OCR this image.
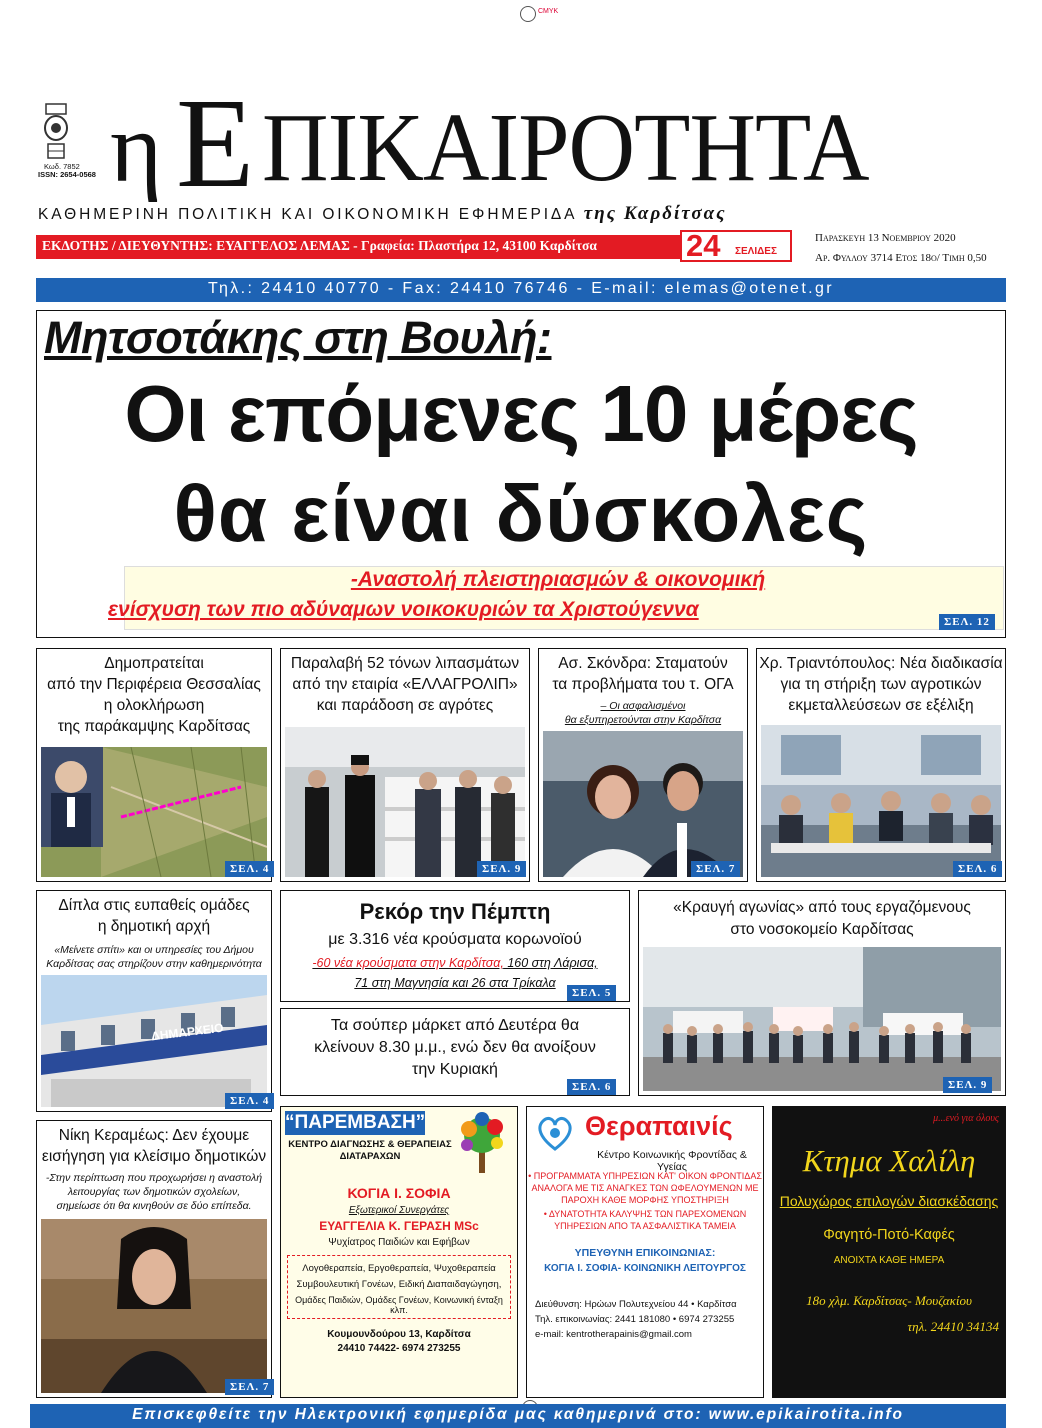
CMYK
Κωδ. 7852
ISSN: 2654-0568 η Ε ΠΙΚΑΙΡΟΤΗΤΑ
ΚΑΘΗΜΕΡΙΝΗ ΠΟΛΙΤΙΚΗ ΚΑΙ ΟΙΚΟΝΟΜΙΚΗ ΕΦΗΜΕΡΙΔΑ της Καρδίτσας
ΕΚΔΟΤΗΣ / ΔΙΕΥΘΥΝΤΗΣ: ΕΥΑΓΓΕΛΟΣ ΛΕΜΑΣ - Γραφεία: Πλαστήρα 12, 43100 Καρδίτσα	24 ΣΕΛΙΔΕΣ
Παρασκευη 13 Νοεμβριου 2020
Αρ. Φυλλου 3714 Ετος 18ο/ Τιμη 0,50
Τηλ.: 24410 40770 - Fax: 24410 76746 - E-mail: elemas@otenet.gr
Μητσοτάκης στη Βουλή:
Οι επόμενες 10 μέρες
θα είναι δύσκολες
-Αναστολή πλειστηριασμών & οικονομική
ενίσχυση των πιο αδύναμων νοικοκυριών τα Χριστούγεννα
ΣΕΛ. 12
Δημοπρατείται
από την Περιφέρεια Θεσσαλίας
η ολοκλήρωση
της παράκαμψης Καρδίτσας
ΣΕΛ. 4
Παραλαβή 52 τόνων λιπασμάτων
από την εταιρία «ΕΛΛΑΓΡΟΛΙΠ»
και παράδοση σε αγρότες
ΣΕΛ. 9
Ασ. Σκόνδρα: Σταματούν
τα προβλήματα του τ. ΟΓΑ
– Οι ασφαλισμένοι
θα εξυπηρετούνται στην Καρδίτσα
ΣΕΛ. 7
Χρ. Τριαντόπουλος: Νέα διαδικασία
για τη στήριξη των αγροτικών
εκμεταλλεύσεων σε εξέλιξη
ΣΕΛ. 6
Δίπλα στις ευπαθείς ομάδες
η δημοτική αρχή
«Μείνετε σπίτι» και οι υπηρεσίες του Δήμου
Καρδίτσας σας στηρίζουν στην καθημερινότητα
ΔΗΜΑΡΧΕΙΟ
ΣΕΛ. 4
Ρεκόρ την Πέμπτη
με 3.316 νέα κρούσματα κορωνοϊού
-60 νέα κρούσματα στην Καρδίτσα, 160 στη Λάρισα,
71 στη Μαγνησία και 26 στα Τρίκαλα
ΣΕΛ. 5
Τα σούπερ μάρκετ από Δευτέρα θα
κλείνουν 8.30 μ.μ., ενώ δεν θα ανοίξουν
την Κυριακή
ΣΕΛ. 6
«Κραυγή αγωνίας» από τους εργαζόμενους
στο νοσοκομείο Καρδίτσας
ΣΕΛ. 9
Νίκη Κεραμέως: Δεν έχουμε
εισήγηση για κλείσιμο δημοτικών
-Στην περίπτωση που προχωρήσει η αναστολή
λειτουργίας των δημοτικών σχολείων,
σημείωσε ότι θα κινηθούν σε δύο επίπεδα.
ΣΕΛ. 7
“ΠΑΡΕΜΒΑΣΗ”
ΚΕΝΤΡΟ ΔΙΑΓΝΩΣΗΣ & ΘΕΡΑΠΕΙΑΣ
ΔΙΑΤΑΡΑΧΩΝ
ΚΟΓΙΑ Ι. ΣΟΦΙΑ
Εξωτερικοί Συνεργάτες
ΕΥΑΓΓΕΛΙΑ Κ. ΓΕΡΑΣΗ MSc
Ψυχίατρος Παιδιών και Εφήβων
Λογοθεραπεία, Εργοθεραπεία, Ψυχοθεραπεία
Συμβουλευτική Γονέων, Ειδική Διαπαιδαγώγηση,
Ομάδες Παιδιών, Ομάδες Γονέων, Κοινωνική ένταξη κλπ.
Κουμουνδούρου 13, Καρδίτσα
24410 74422- 6974 273255
Θεραπαινίς
Κέντρο Κοινωνικής Φροντίδας & Υγείας
• ΠΡΟΓΡΑΜΜΑΤΑ ΥΠΗΡΕΣΙΩΝ ΚΑΤ' ΟΙΚΟΝ ΦΡΟΝΤΙΔΑΣ
ΑΝΑΛΟΓΑ ΜΕ ΤΙΣ ΑΝΑΓΚΕΣ ΤΩΝ ΩΦΕΛΟΥΜΕΝΩΝ ΜΕ
ΠΑΡΟΧΗ ΚΑΘΕ ΜΟΡΦΗΣ ΥΠΟΣΤΗΡΙΞΗ
• ΔΥΝΑΤΟΤΗΤΑ ΚΑΛΥΨΗΣ ΤΩΝ ΠΑΡΕΧΟΜΕΝΩΝ
ΥΠΗΡΕΣΙΩΝ ΑΠΟ ΤΑ ΑΣΦΑΛΙΣΤΙΚΑ ΤΑΜΕΙΑ
ΥΠΕΥΘΥΝΗ ΕΠΙΚΟΙΝΩΝΙΑΣ:
ΚΟΓΙΑ Ι. ΣΟΦΙΑ- ΚΟΙΝΩΝΙΚΗ ΛΕΙΤΟΥΡΓΟΣ
Διεύθυνση: Ηρώων Πολυτεχνείου 44 • Καρδίτσα
Τηλ. επικοινωνίας: 2441 181080 • 6974 273255
e-mail: kentrotherapainis@gmail.com
μ...ενό για όλους
Κτημα Χαλίλη
Πολυχώρος επιλογών διασκέδασης
Φαγητό-Ποτό-Καφές
ΑΝΟΙΧΤΑ ΚΑΘΕ ΗΜΕΡΑ
18ο χλμ. Καρδίτσας- Μουζακίου
τηλ. 24410 34134
Επισκεφθείτε την Ηλεκτρονική εφημερίδα μας καθημερινά στο: www.epikairotita.info
